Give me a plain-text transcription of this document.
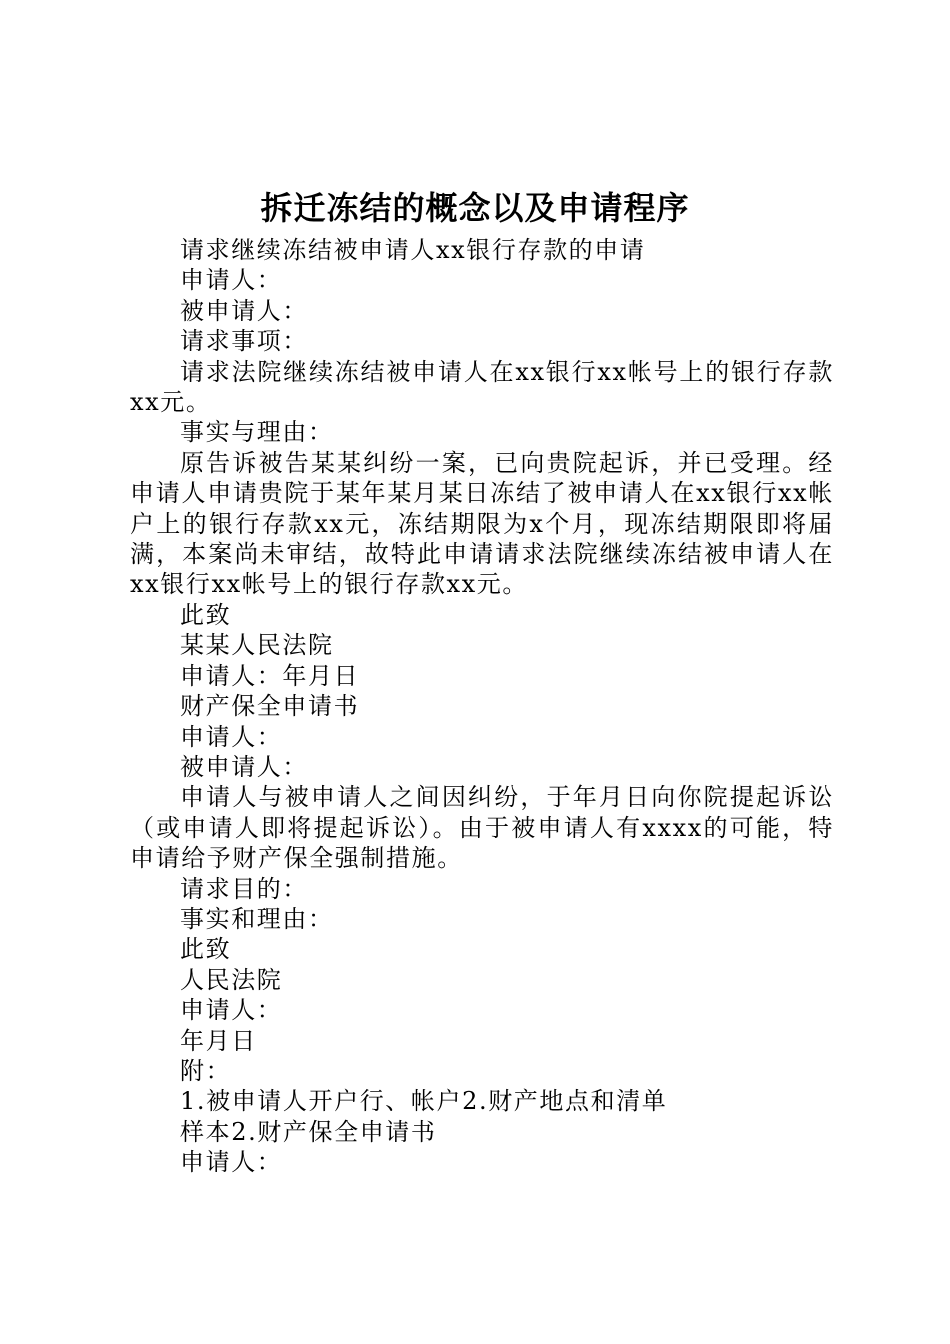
拆迁冻结的概念以及申请程序

请求继续冻结被申请人xx银行存款的申请

申请人：

被申请人：

请求事项：

请求法院继续冻结被申请人在xx银行xx帐号上的银行存款xx元。

事实与理由：

原告诉被告某某纠纷一案，已向贵院起诉，并已受理。经申请人申请贵院于某年某月某日冻结了被申请人在xx银行xx帐户上的银行存款xx元，冻结期限为x个月，现冻结期限即将届满，本案尚未审结，故特此申请请求法院继续冻结被申请人在xx银行xx帐号上的银行存款xx元。

此致

某某人民法院

申请人：年月日

财产保全申请书

申请人：

被申请人：

申请人与被申请人之间因纠纷，于年月日向你院提起诉讼（或申请人即将提起诉讼）。由于被申请人有xxxx的可能，特申请给予财产保全强制措施。

请求目的：

事实和理由：

此致

人民法院

申请人：

年月日

附：

1.被申请人开户行、帐户2.财产地点和清单

样本2.财产保全申请书

申请人：
